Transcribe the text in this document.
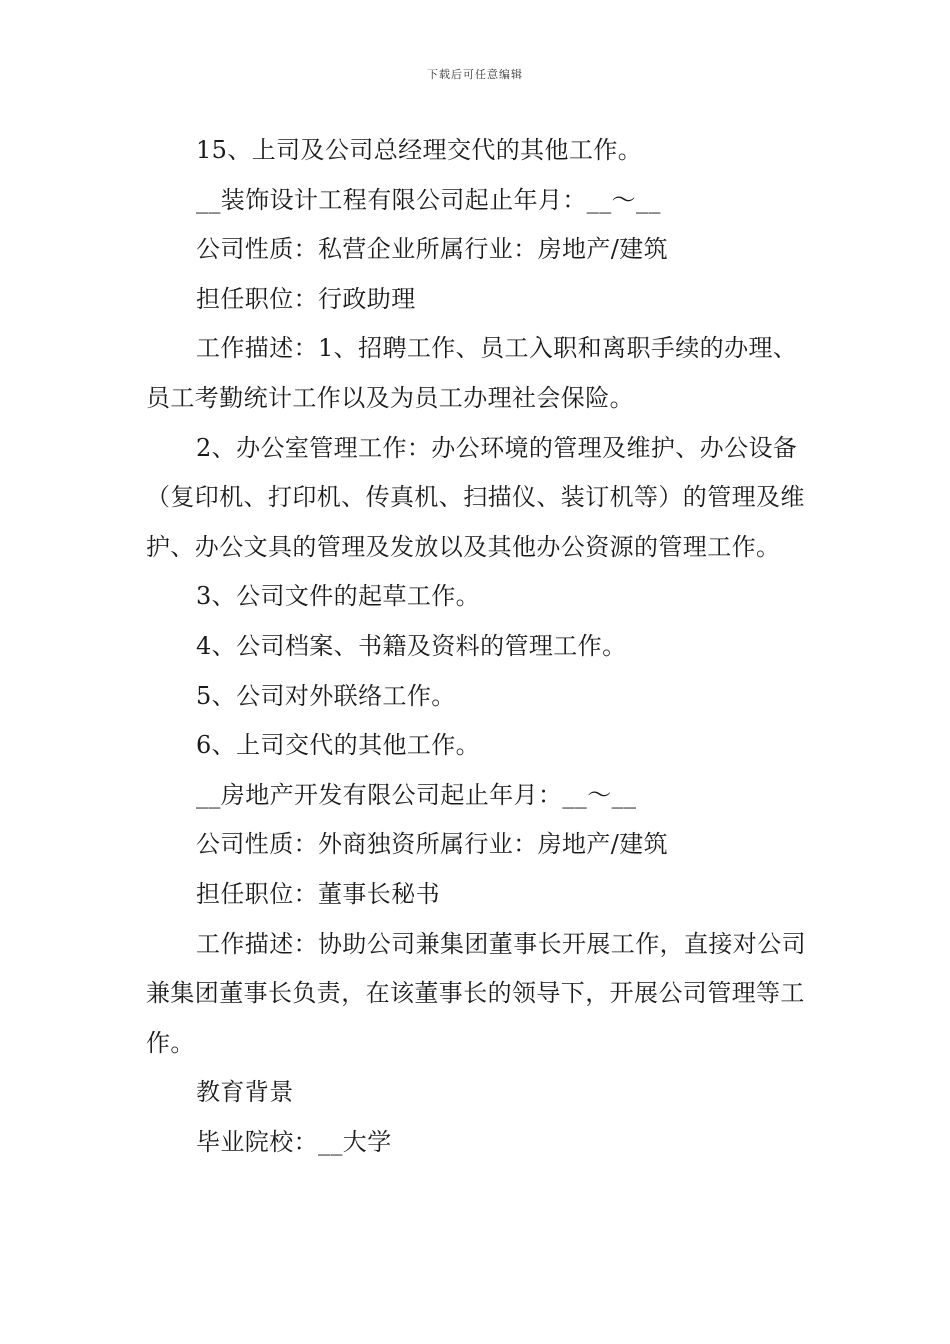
下载后可任意编辑

15、上司及公司总经理交代的其他工作。

__装饰设计工程有限公司起止年月：__～__

公司性质：私营企业所属行业：房地产/建筑

担任职位：行政助理

工作描述：1、招聘工作、员工入职和离职手续的办理、员工考勤统计工作以及为员工办理社会保险。

2、办公室管理工作：办公环境的管理及维护、办公设备（复印机、打印机、传真机、扫描仪、装订机等）的管理及维护、办公文具的管理及发放以及其他办公资源的管理工作。

3、公司文件的起草工作。

4、公司档案、书籍及资料的管理工作。

5、公司对外联络工作。

6、上司交代的其他工作。

__房地产开发有限公司起止年月：__～__

公司性质：外商独资所属行业：房地产/建筑

担任职位：董事长秘书

工作描述：协助公司兼集团董事长开展工作，直接对公司兼集团董事长负责，在该董事长的领导下，开展公司管理等工作。

教育背景

毕业院校：__大学
